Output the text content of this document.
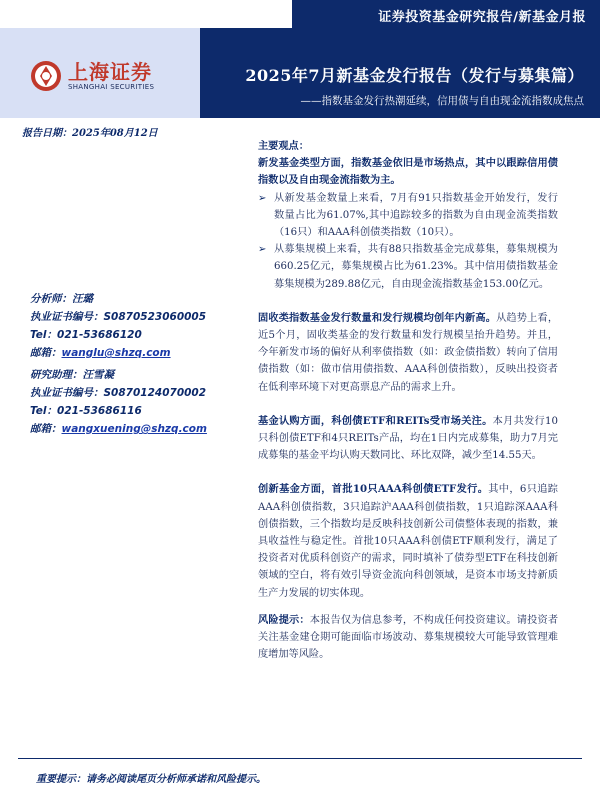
证券投资基金研究报告/新基金月报
上海证券
SHANGHAI SECURITIES
2025年7月新基金发行报告（发行与募集篇）
——指数基金发行热潮延续，信用债与自由现金流指数成焦点
报告日期：2025年08月12日
分析师：汪璐
执业证书编号：S0870523060005
Tel：021-53686120
邮箱：wanglu@shzq.com
研究助理：汪雪凝
执业证书编号：S0870124070002
Tel：021-53686116
邮箱：wangxuening@shzq.com
主要观点：
新发基金类型方面，指数基金依旧是市场热点，其中以跟踪信用债指数以及自由现金流指数为主。
➢ 从新发基金数量上来看，7月有91只指数基金开始发行，发行数量占比为61.07%,其中追踪较多的指数为自由现金流类指数（16只）和AAA科创债类指数（10只）。
➢ 从募集规模上来看，共有88只指数基金完成募集，募集规模为660.25亿元，募集规模占比为61.23%。其中信用债指数基金募集规模为289.88亿元，自由现金流指数基金153.00亿元。
固收类指数基金发行数量和发行规模均创年内新高。从趋势上看，近5个月，固收类基金的发行数量和发行规模呈抬升趋势。并且，今年新发市场的偏好从利率债指数（如：政金债指数）转向了信用债指数（如：做市信用债指数、AAA科创债指数），反映出投资者在低利率环境下对更高票息产品的需求上升。
基金认购方面，科创债ETF和REITs受市场关注。本月共发行10只科创债ETF和4只REITs产品，均在1日内完成募集，助力7月完成募集的基金平均认购天数同比、环比双降，减少至14.55天。
创新基金方面，首批10只AAA科创债ETF发行。其中，6只追踪AAA科创债指数，3只追踪沪AAA科创债指数，1只追踪深AAA科创债指数，三个指数均是反映科技创新公司债整体表现的指数，兼具收益性与稳定性。首批10只AAA科创债ETF顺利发行，满足了投资者对优质科创资产的需求，同时填补了债券型ETF在科技创新领域的空白，将有效引导资金流向科创领域，是资本市场支持新质生产力发展的切实体现。
风险提示：本报告仅为信息参考，不构成任何投资建议。请投资者关注基金建仓期可能面临市场波动、募集规模较大可能导致管理难度增加等风险。
重要提示：请务必阅读尾页分析师承诺和风险提示。
